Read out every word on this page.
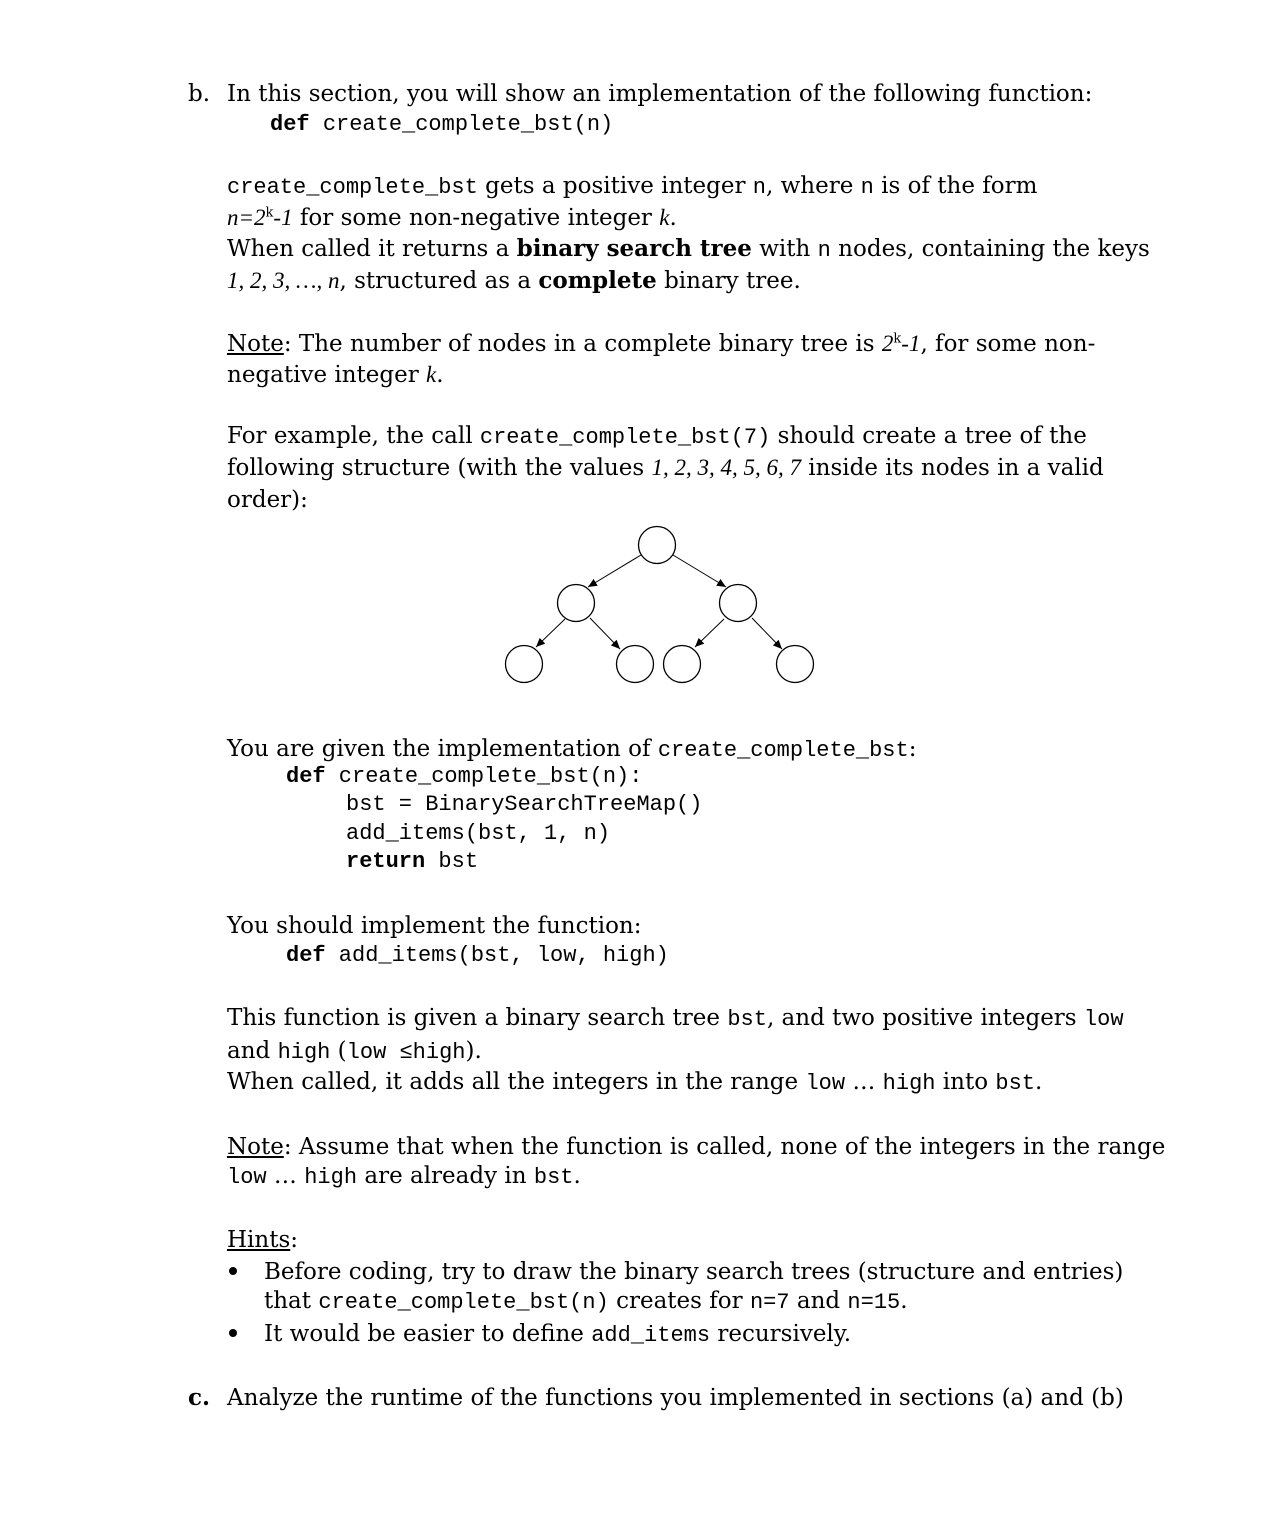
b. In this section, you will show an implementation of the following function:
def create_complete_bst(n)
create_complete_bst gets a positive integer n, where n is of the form
$n=2^k-1$ for some non-negative integer k.
When called it returns a binary search tree with n nodes, containing the keys
1, 2, 3, …, n, structured as a complete binary tree.
Note: The number of nodes in a complete binary tree is 2$^k$-1, for some non-
negative integer k.
For example, the call create_complete_bst(7) should create a tree of the
following structure (with the values 1, 2, 3, 4, 5, 6, 7 inside its nodes in a valid
order):
You are given the implementation of create_complete_bst:
def create_complete_bst(n):
bst = BinarySearchTreeMap()
add_items(bst, 1, n)
return bst
You should implement the function:
def add_items(bst, low, high)
This function is given a binary search tree bst, and two positive integers low
and high (low ≤high).
When called, it adds all the integers in the range low … high into bst.
Note: Assume that when the function is called, none of the integers in the range
low … high are already in bst.
Hints:
Before coding, try to draw the binary search trees (structure and entries)
that create_complete_bst(n) creates for n=7 and n=15.
It would be easier to define add_items recursively.
c. Analyze the runtime of the functions you implemented in sections (a) and (b)
